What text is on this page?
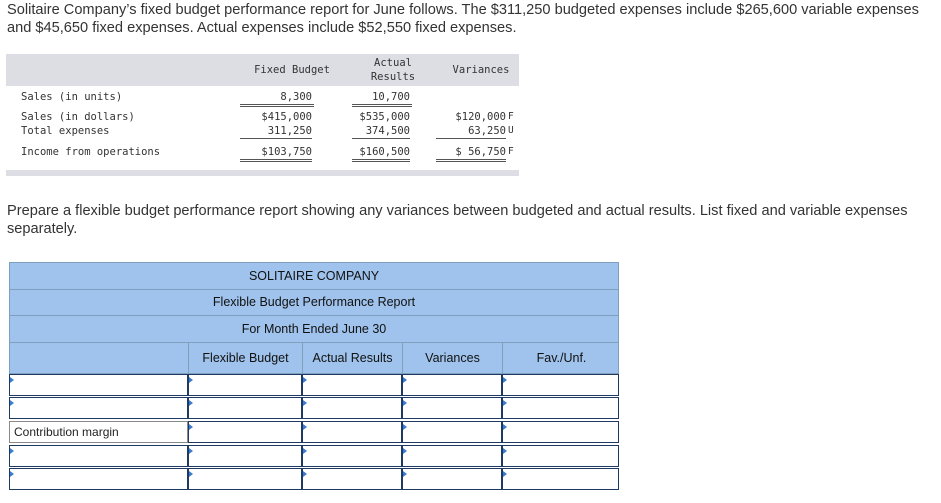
Solitaire Company’s fixed budget performance report for June follows. The $311,250 budgeted expenses include $265,600 variable expenses and $45,650 fixed expenses. Actual expenses include $52,550 fixed expenses.
Fixed Budget
Actual
Results
Variances
Sales (in units)	8,300	10,700
Sales (in dollars)	$415,000	$535,000	$120,000 F
Total expenses	311,250	374,500	63,250 U
Income from operations	$103,750	$160,500	$ 56,750 F
Prepare a flexible budget performance report showing any variances between budgeted and actual results. List fixed and variable expenses separately.
SOLITAIRE COMPANY
Flexible Budget Performance Report
For Month Ended June 30
Flexible Budget	Actual Results	Variances	Fav./Unf.
Contribution margin
